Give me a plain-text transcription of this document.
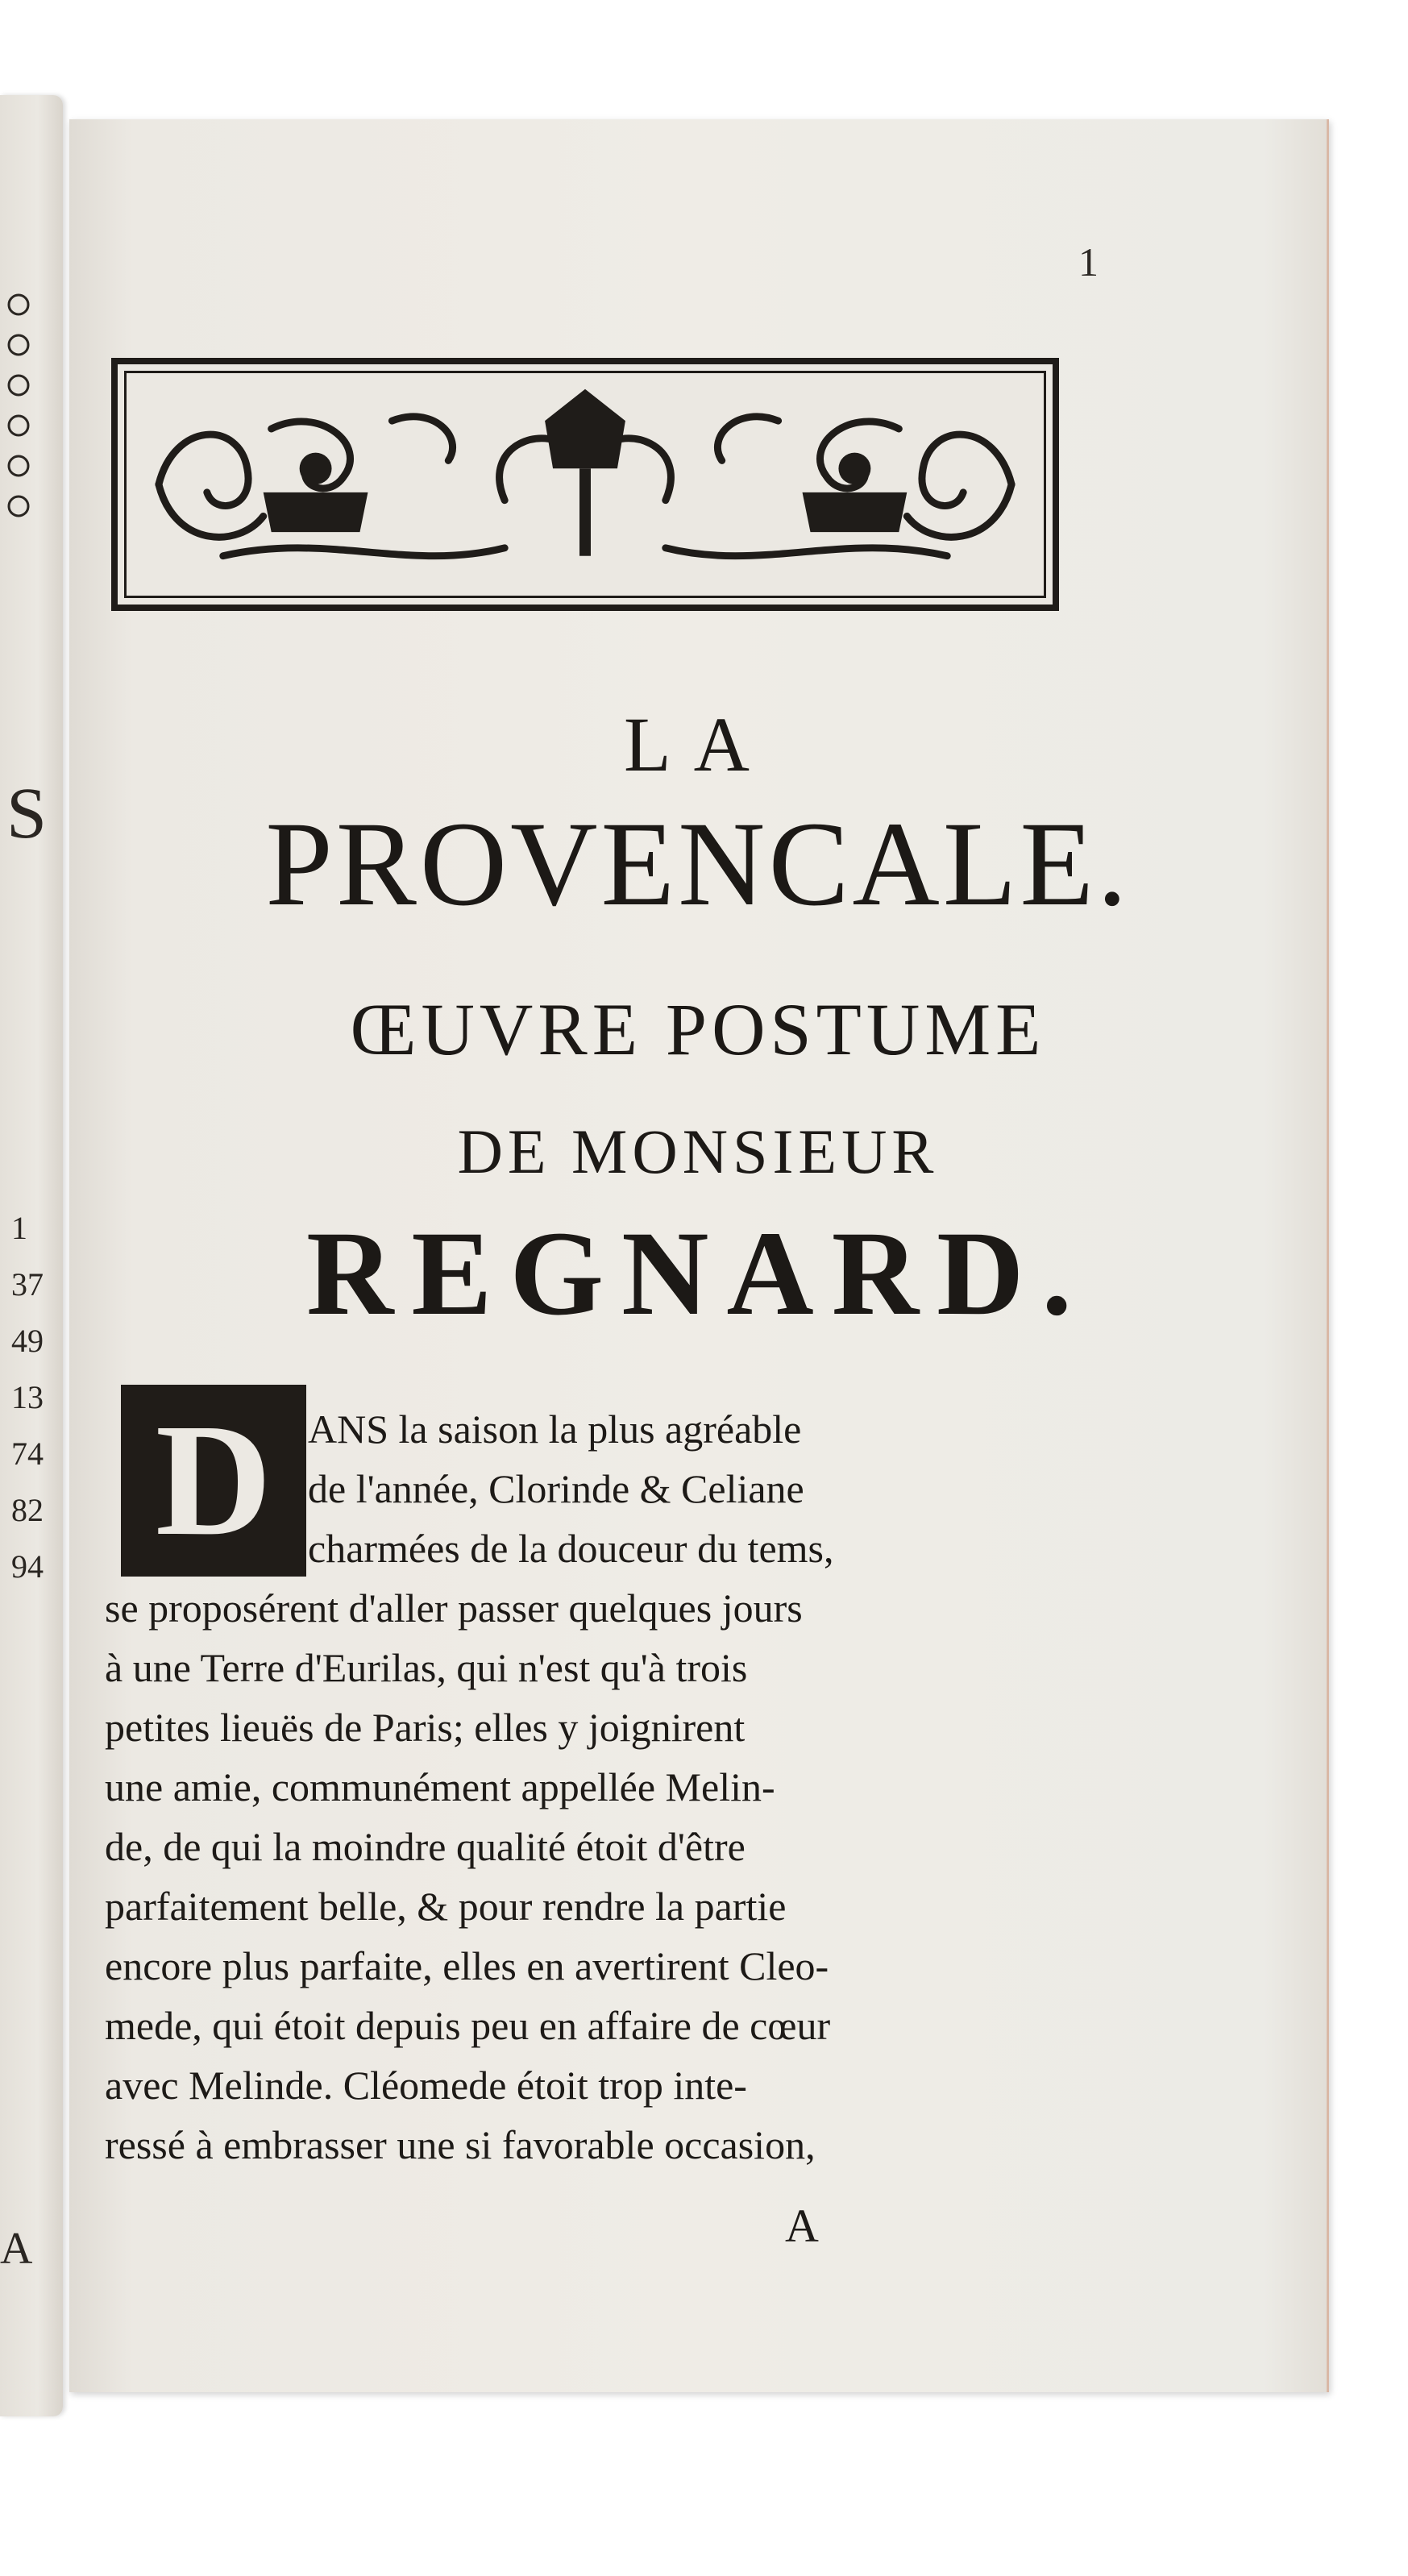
S
1
37
49
13
74
82
94
A
1
LA
PROVENCALE.
ŒUVRE POSTUME
DE MONSIEUR
REGNARD.
D ANS la saison la plus agréable
de l'année, Clorinde & Celiane
charmées de la douceur du tems,
se proposérent d'aller passer quelques jours
à une Terre d'Eurilas, qui n'est qu'à trois
petites lieuës de Paris; elles y joignirent
une amie, communément appellée Melin-
de, de qui la moindre qualité étoit d'être
parfaitement belle, & pour rendre la partie
encore plus parfaite, elles en avertirent Cleo-
mede, qui étoit depuis peu en affaire de cœur
avec Melinde. Cléomede étoit trop inte-
ressé à embrasser une si favorable occasion,
A
